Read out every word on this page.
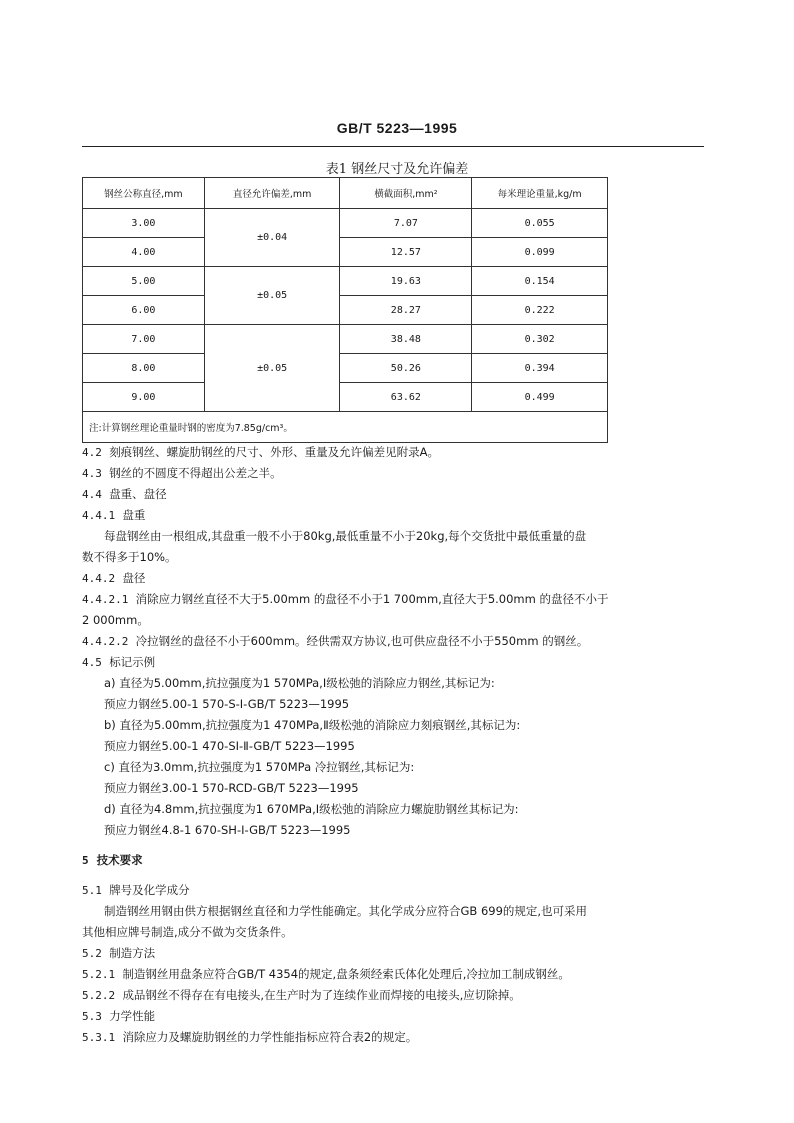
GB/T 5223—1995
表1 钢丝尺寸及允许偏差
钢丝公称直径,mm	直径允许偏差,mm	横截面积,mm²	每米理论重量,kg/m
3.00	±0.04	7.07	0.055
4.00		12.57	0.099
5.00	±0.05	19.63	0.154
6.00		28.27	0.222
7.00	±0.05	38.48	0.302
8.00		50.26	0.394
9.00		63.62	0.499
注:计算钢丝理论重量时钢的密度为7.85g/cm³。			
4.2 刻痕钢丝、螺旋肋钢丝的尺寸、外形、重量及允许偏差见附录A。
4.3 钢丝的不圆度不得超出公差之半。
4.4 盘重、盘径
4.4.1 盘重
每盘钢丝由一根组成,其盘重一般不小于80kg,最低重量不小于20kg,每个交货批中最低重量的盘
数不得多于10%。
4.4.2 盘径
4.4.2.1 消除应力钢丝直径不大于5.00mm 的盘径不小于1 700mm,直径大于5.00mm 的盘径不小于
2 000mm。
4.4.2.2 冷拉钢丝的盘径不小于600mm。经供需双方协议,也可供应盘径不小于550mm 的钢丝。
4.5 标记示例
a) 直径为5.00mm,抗拉强度为1 570MPa,Ⅰ级松弛的消除应力钢丝,其标记为:
预应力钢丝5.00-1 570-S-Ⅰ-GB/T 5223—1995
b) 直径为5.00mm,抗拉强度为1 470MPa,Ⅱ级松弛的消除应力刻痕钢丝,其标记为:
预应力钢丝5.00-1 470-SⅠ-Ⅱ-GB/T 5223—1995
c) 直径为3.0mm,抗拉强度为1 570MPa 冷拉钢丝,其标记为:
预应力钢丝3.00-1 570-RCD-GB/T 5223—1995
d) 直径为4.8mm,抗拉强度为1 670MPa,Ⅰ级松弛的消除应力螺旋肋钢丝其标记为:
预应力钢丝4.8-1 670-SH-Ⅰ-GB/T 5223—1995
5 技术要求
5.1 牌号及化学成分
制造钢丝用钢由供方根据钢丝直径和力学性能确定。其化学成分应符合GB 699的规定,也可采用
其他相应牌号制造,成分不做为交货条件。
5.2 制造方法
5.2.1 制造钢丝用盘条应符合GB/T 4354的规定,盘条须经索氏体化处理后,冷拉加工制成钢丝。
5.2.2 成品钢丝不得存在有电接头,在生产时为了连续作业而焊接的电接头,应切除掉。
5.3 力学性能
5.3.1 消除应力及螺旋肋钢丝的力学性能指标应符合表2的规定。
